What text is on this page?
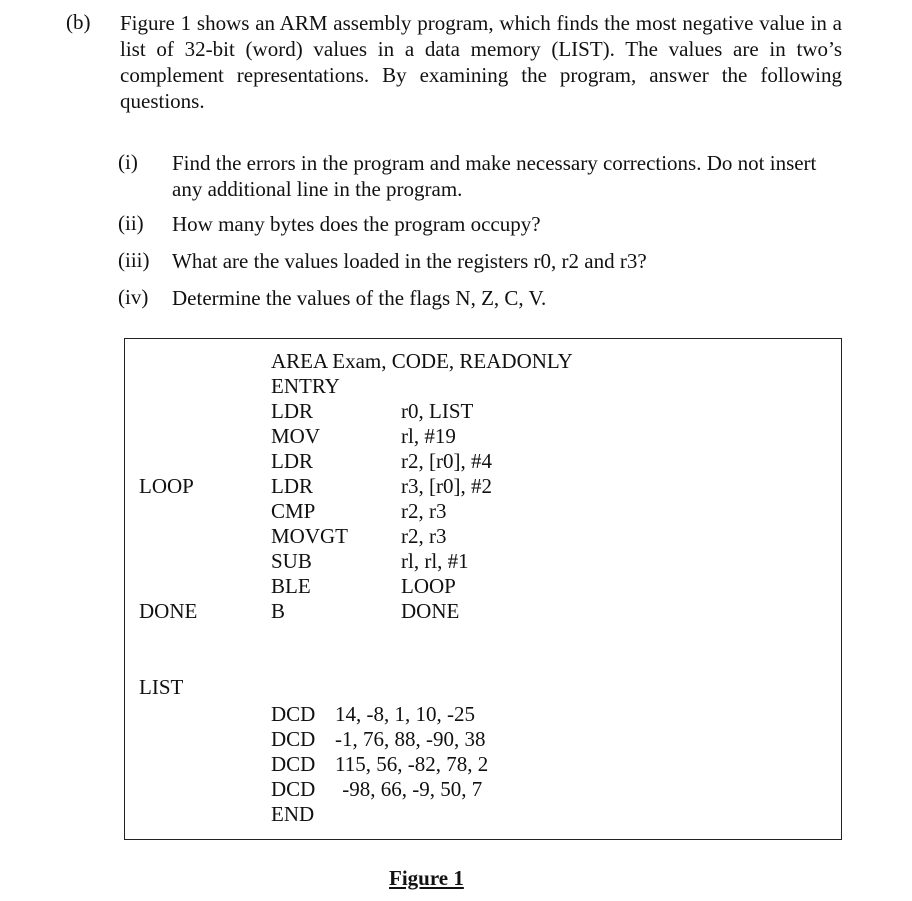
(b) Figure 1 shows an ARM assembly program, which finds the most negative value in a list of 32-bit (word) values in a data memory (LIST). The values are in two’s complement representations. By examining the program, answer the following questions.
(i) Find the errors in the program and make necessary corrections. Do not insert any additional line in the program.
(ii) How many bytes does the program occupy?
(iii) What are the values loaded in the registers r0, r2 and r3?
(iv) Determine the values of the flags N, Z, C, V.
AREA Exam, CODE, READONLY
ENTRY
LDR	r0, LIST
MOV	rl, #19
LDR	r2, [r0], #4
LOOP	LDR	r3, [r0], #2
CMP	r2, r3
MOVGT	r2, r3
SUB	rl, rl, #1
BLE	LOOP
DONE	B	DONE
LIST
DCD 14, -8, 1, 10, -25
DCD -1, 76, 88, -90, 38
DCD 115, 56, -82, 78, 2
DCD -98, 66, -9, 50, 7
END
Figure 1
